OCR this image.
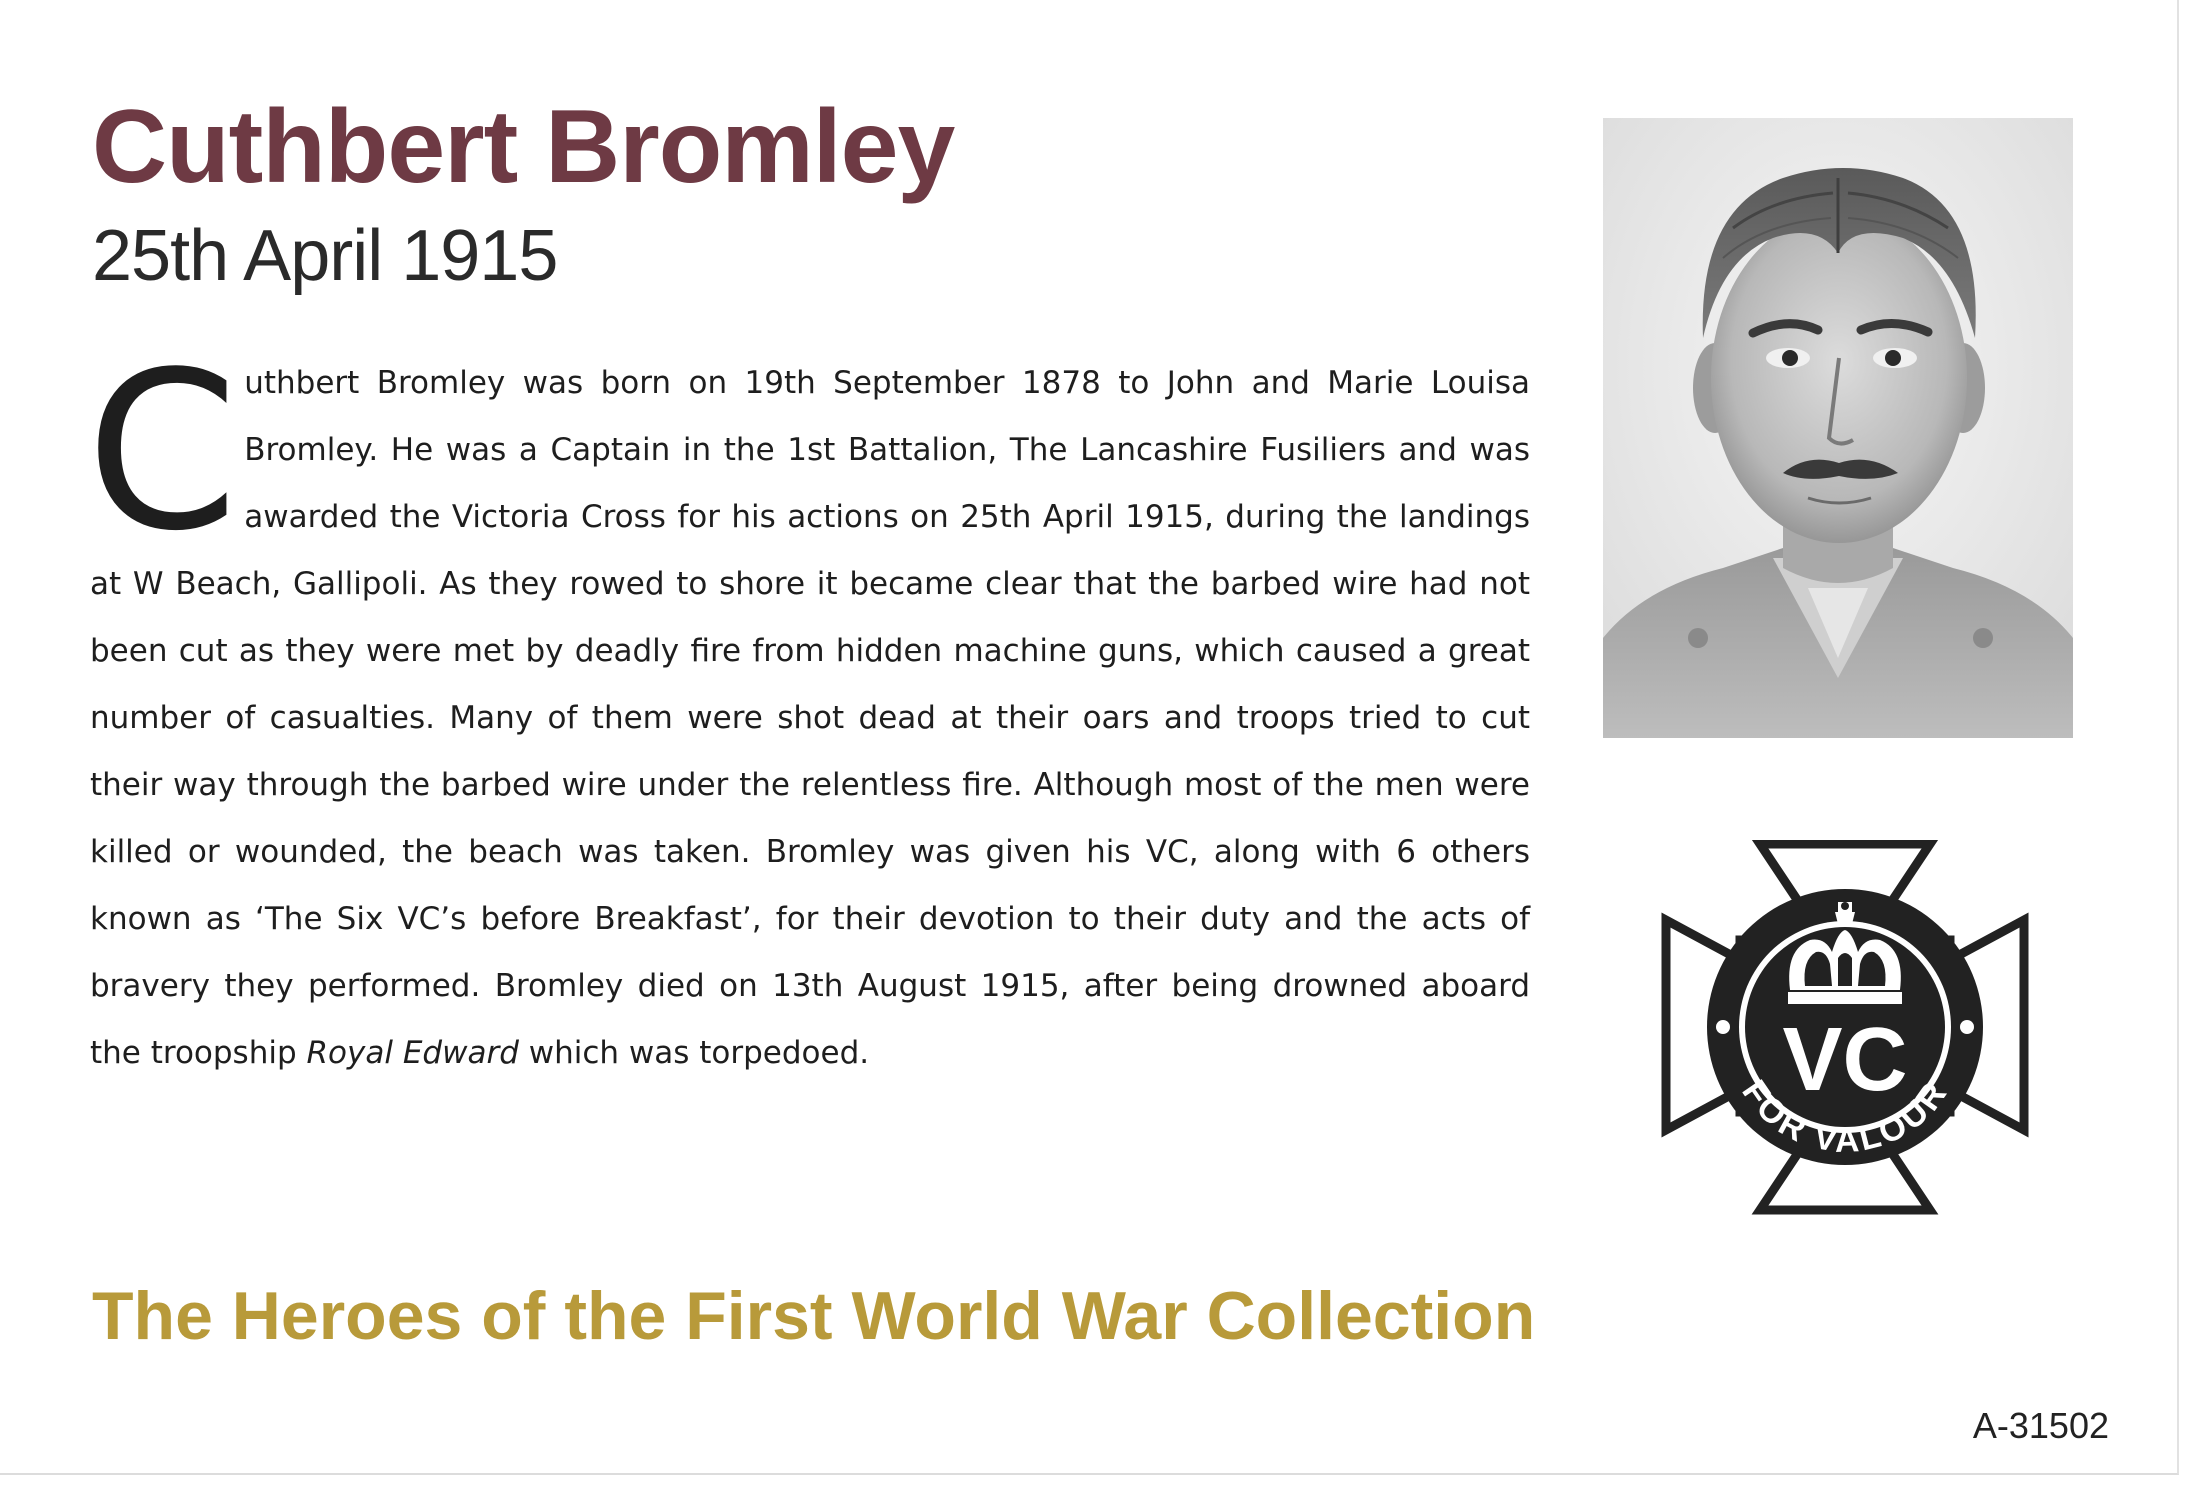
Cuthbert Bromley
25th April 1915

Cuthbert Bromley was born on 19th September 1878 to John and Marie Louisa Bromley. He was a Captain in the 1st Battalion, The Lancashire Fusiliers and was awarded the Victoria Cross for his actions on 25th April 1915, during the landings at W Beach, Gallipoli. As they rowed to shore it became clear that the barbed wire had not been cut as they were met by deadly fire from hidden machine guns, which caused a great number of casualties. Many of them were shot dead at their oars and troops tried to cut their way through the barbed wire under the relentless fire. Although most of the men were killed or wounded, the beach was taken. Bromley was given his VC, along with 6 others known as ‘The Six VC’s before Breakfast’, for their devotion to their duty and the acts of bravery they performed. Bromley died on 13th August 1915, after being drowned aboard the troopship Royal Edward which was torpedoed.	VC
FOR VALOUR
The Heroes of the First World War Collection
A-31502
